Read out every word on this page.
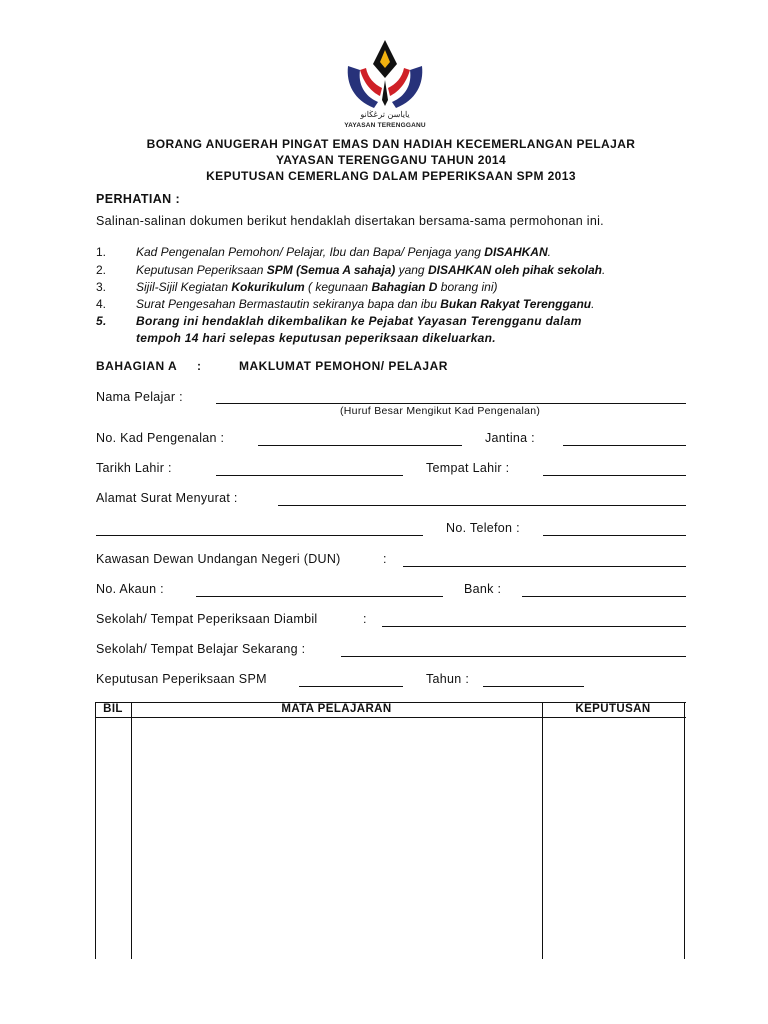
ياياسن ترڠڬانو
YAYASAN TERENGGANU
BORANG ANUGERAH PINGAT EMAS DAN HADIAH KECEMERLANGAN PELAJAR
YAYASAN TERENGGANU TAHUN 2014
KEPUTUSAN CEMERLANG DALAM PEPERIKSAAN SPM 2013
PERHATIAN :
Salinan-salinan dokumen berikut hendaklah disertakan bersama-sama permohonan ini.
1. Kad Pengenalan Pemohon/ Pelajar, Ibu dan Bapa/ Penjaga yang DISAHKAN.
2. Keputusan Peperiksaan SPM (Semua A sahaja) yang DISAHKAN oleh pihak sekolah.
3. Sijil-Sijil Kegiatan Kokurikulum ( kegunaan Bahagian D borang ini)
4. Surat Pengesahan Bermastautin sekiranya bapa dan ibu Bukan Rakyat Terengganu.
5. Borang ini hendaklah dikembalikan ke Pejabat Yayasan Terengganu dalam
tempoh 14 hari selepas keputusan peperiksaan dikeluarkan.
BAHAGIAN A :	MAKLUMAT PEMOHON/ PELAJAR
Nama Pelajar :
(Huruf Besar Mengikut Kad Pengenalan)
No. Kad Pengenalan :	Jantina :
Tarikh Lahir :	Tempat Lahir :
Alamat Surat Menyurat :
No. Telefon :
Kawasan Dewan Undangan Negeri (DUN)	:
No. Akaun :	Bank :
Sekolah/ Tempat Peperiksaan Diambil	:
Sekolah/ Tempat Belajar Sekarang :
Keputusan Peperiksaan SPM	Tahun :
BIL	MATA PELAJARAN	KEPUTUSAN
